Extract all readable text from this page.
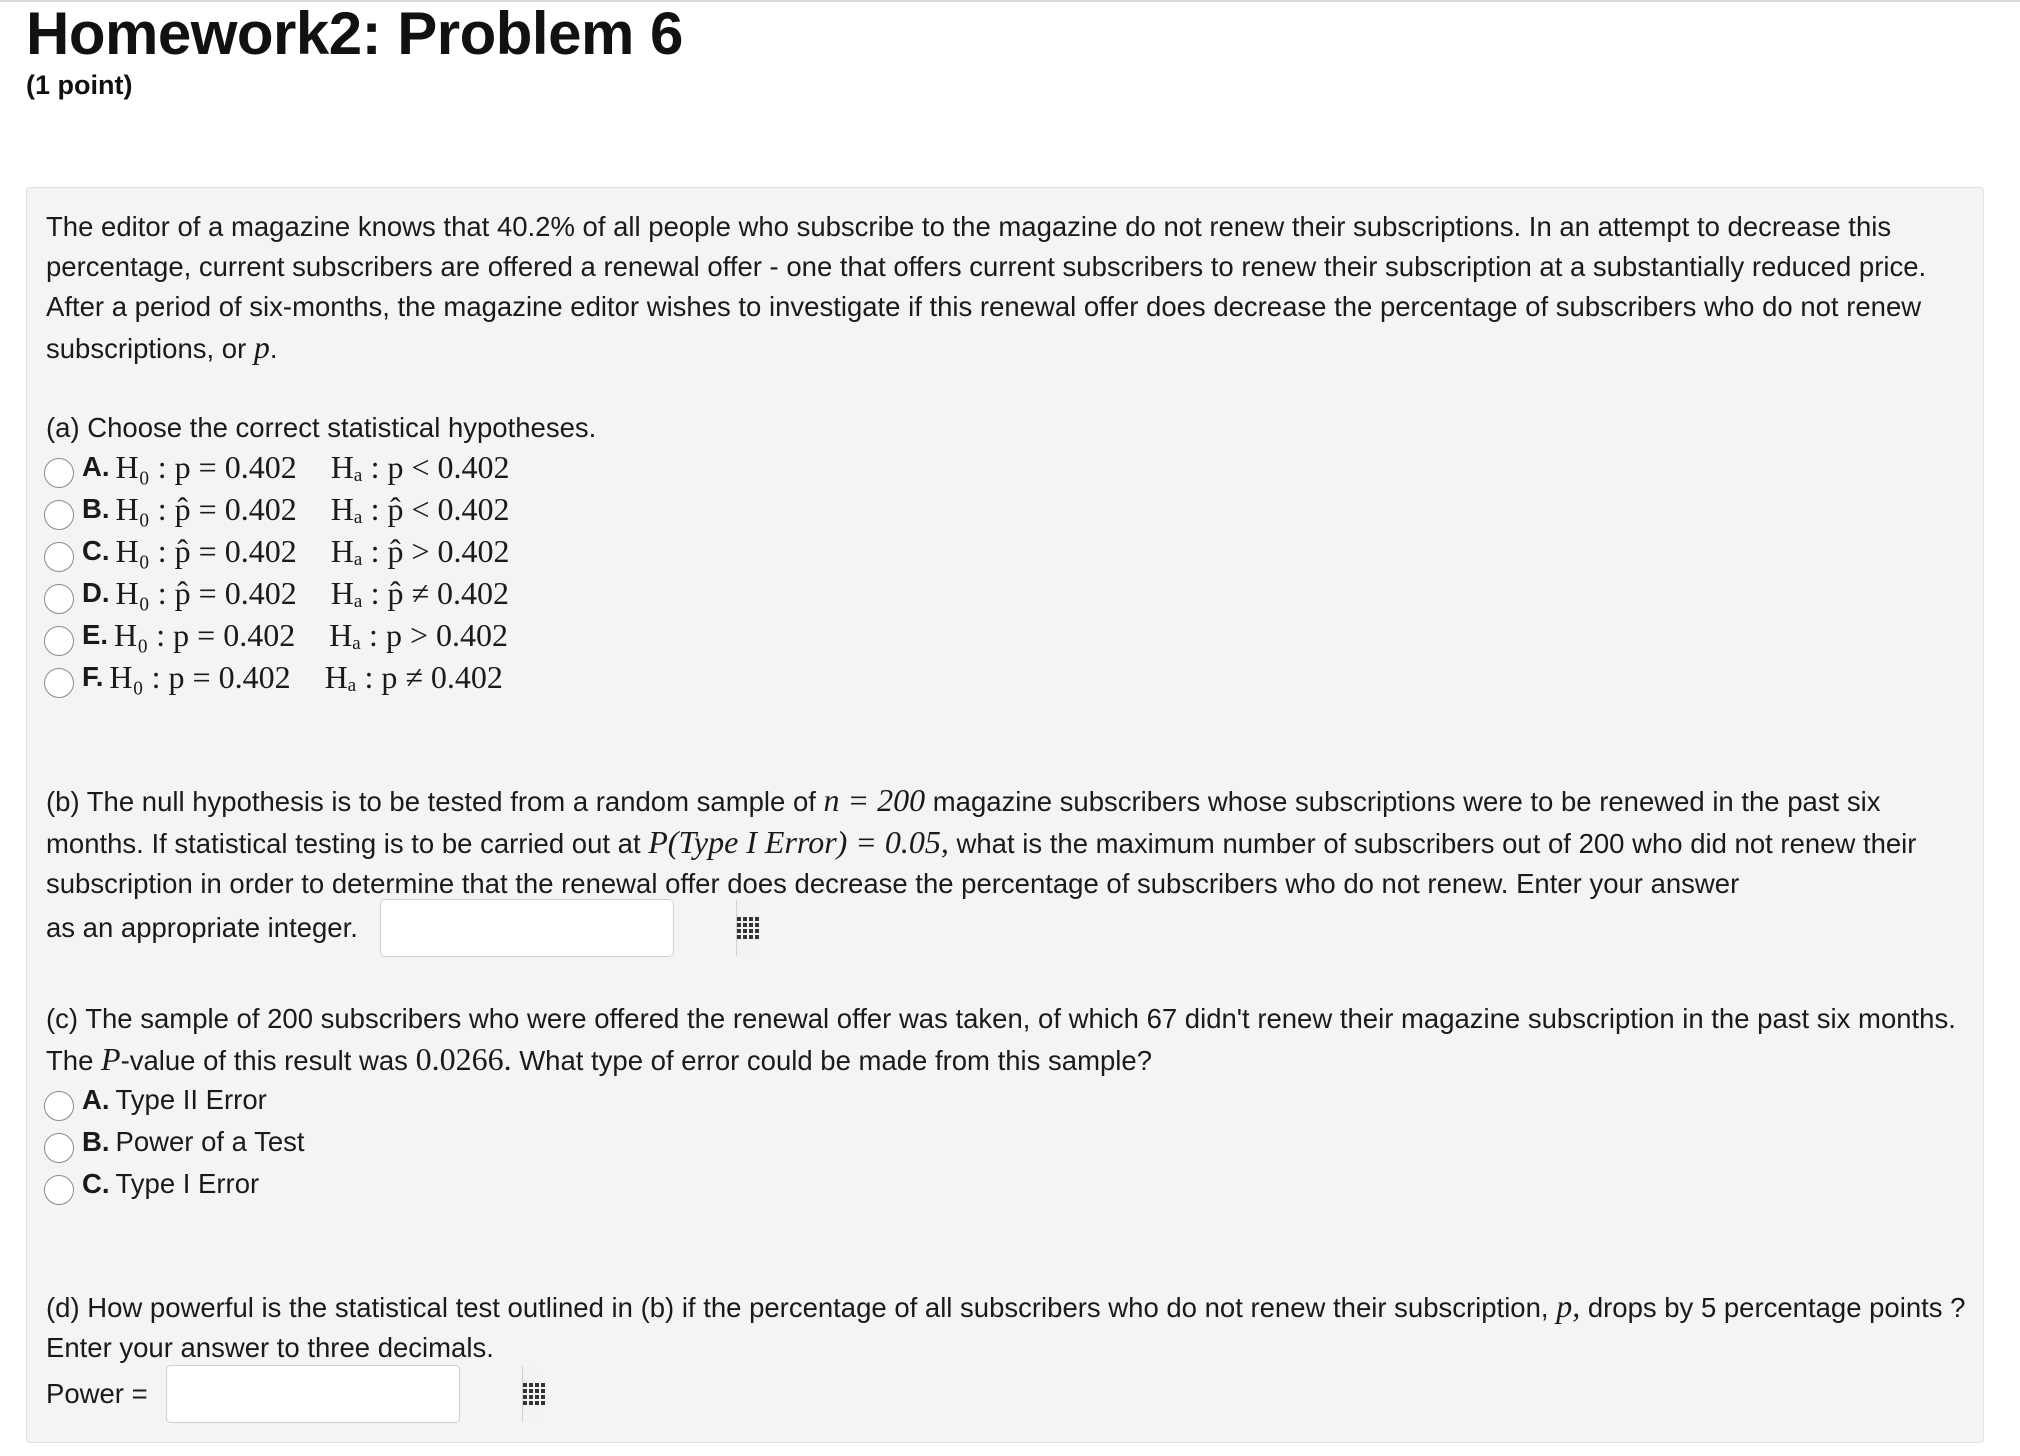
Homework2: Problem 6
(1 point)
The editor of a magazine knows that 40.2% of all people who subscribe to the magazine do not renew their subscriptions. In an attempt to decrease this percentage, current subscribers are offered a renewal offer - one that offers current subscribers to renew their subscription at a substantially reduced price. After a period of six-months, the magazine editor wishes to investigate if this renewal offer does decrease the percentage of subscribers who do not renew subscriptions, or p.
(a) Choose the correct statistical hypotheses.
A. H₀ : p = 0.402 Hₐ : p < 0.402
B. H₀ : p̂ = 0.402 Hₐ : p̂ < 0.402
C. H₀ : p̂ = 0.402 Hₐ : p̂ > 0.402
D. H₀ : p̂ = 0.402 Hₐ : p̂ ≠ 0.402
E. H₀ : p = 0.402 Hₐ : p > 0.402
F. H₀ : p = 0.402 Hₐ : p ≠ 0.402
(b) The null hypothesis is to be tested from a random sample of n = 200 magazine subscribers whose subscriptions were to be renewed in the past six months. If statistical testing is to be carried out at P(Type I Error) = 0.05, what is the maximum number of subscribers out of 200 who did not renew their subscription in order to determine that the renewal offer does decrease the percentage of subscribers who do not renew. Enter your answer
as an appropriate integer.
(c) The sample of 200 subscribers who were offered the renewal offer was taken, of which 67 didn't renew their magazine subscription in the past six months. The P-value of this result was 0.0266. What type of error could be made from this sample?
A. Type II Error
B. Power of a Test
C. Type I Error
(d) How powerful is the statistical test outlined in (b) if the percentage of all subscribers who do not renew their subscription, p, drops by 5 percentage points ? Enter your answer to three decimals.
Power =
